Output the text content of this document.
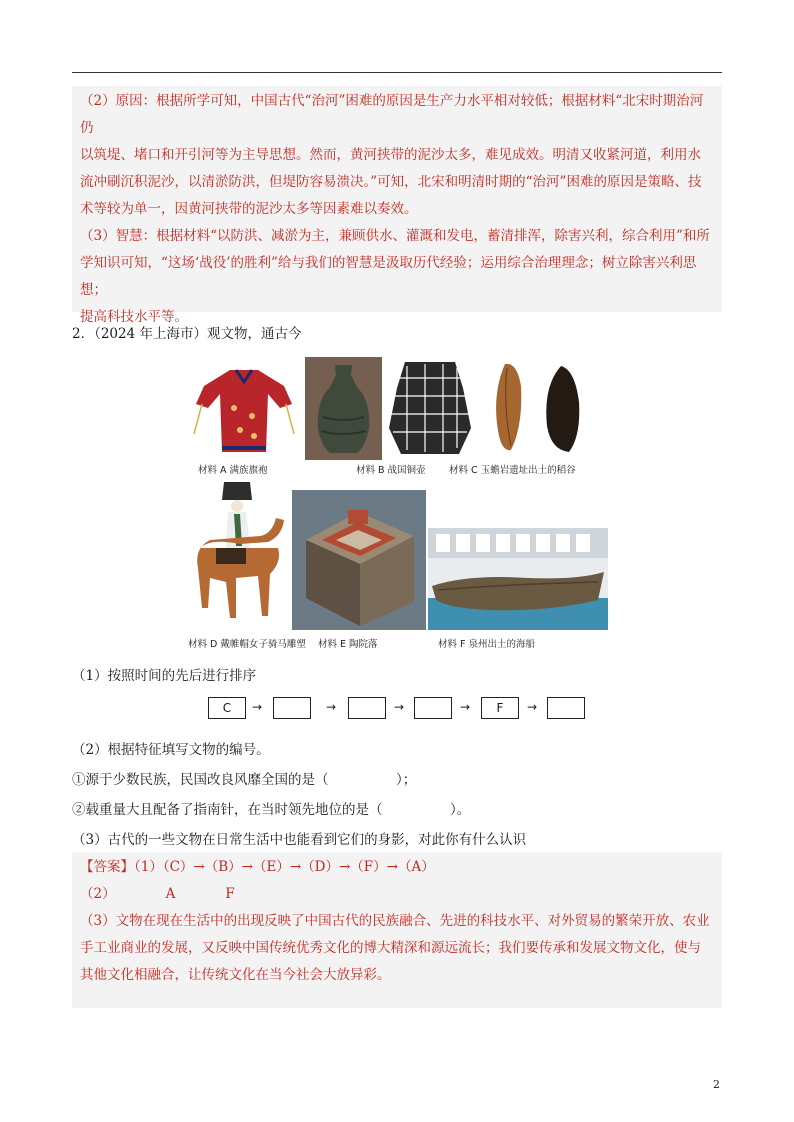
（2）原因：根据所学可知，中国古代“治河”困难的原因是生产力水平相对较低；根据材料“北宋时期治河仍

以筑堤、堵口和开引河等为主导思想。然而，黄河挟带的泥沙太多，难见成效。明清又收紧河道，利用水

流冲刷沉积泥沙，以清淤防洪，但堤防容易溃决。”可知，北宋和明清时期的“治河”困难的原因是策略、技

术等较为单一，因黄河挟带的泥沙太多等因素难以奏效。

（3）智慧：根据材料“以防洪、减淤为主，兼顾供水、灌溉和发电，蓄清排浑，除害兴利，综合利用”和所

学知识可知，“这场‘战役’的胜利”给与我们的智慧是汲取历代经验；运用综合治理理念；树立除害兴利思想；

提高科技水平等。

2．（2024 年上海市）观文物，通古今
材料 A 满族旗袍	材料 B 战国铜壶 材料 C 玉蟾岩遗址出土的稻谷
材料 D 戴帷帽女子骑马雕塑 材料 E 陶院落	材料 F 泉州出土的海船
（1）按照时间的先后进行排序
C	→	→	→	→	F	→
（2）根据特征填写文物的编号。
①源于少数民族，民国改良风靡全国的是（　　　　　）；
②载重量大且配备了指南针，在当时领先地位的是（　　　　　）。
（3）古代的一些文物在日常生活中也能看到它们的身影，对此你有什么认识

【答案】（1）（C）→（B）→（E）→（D）→（F）→（A）

（2）	A	F

（3）文物在现在生活中的出现反映了中国古代的民族融合、先进的科技水平、对外贸易的繁荣开放、农业

手工业商业的发展，又反映中国传统优秀文化的博大精深和源远流长；我们要传承和发展文物文化，使与

其他文化相融合，让传统文化在当今社会大放异彩。

2
